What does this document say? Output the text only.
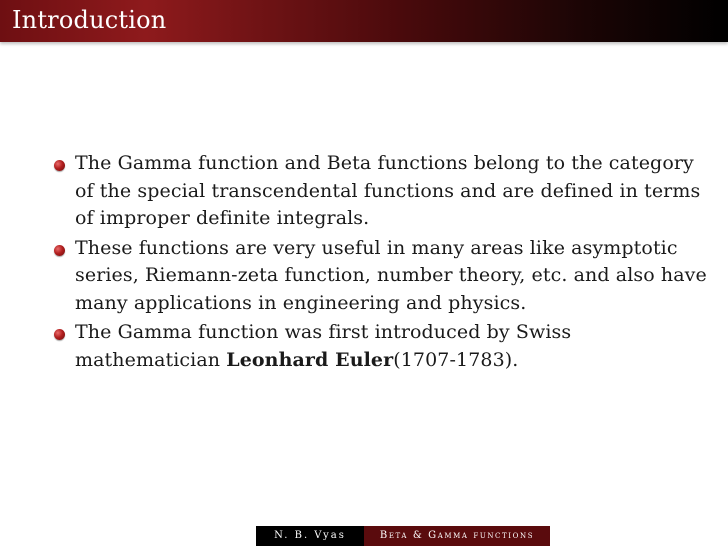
Introduction
The Gamma function and Beta functions belong to the category of the special transcendental functions and are defined in terms of improper definite integrals.
These functions are very useful in many areas like asymptotic series, Riemann-zeta function, number theory, etc. and also have many applications in engineering and physics.
The Gamma function was first introduced by Swiss mathematician Leonhard Euler(1707-1783).
N. B. Vyas	Beta & Gamma functions
